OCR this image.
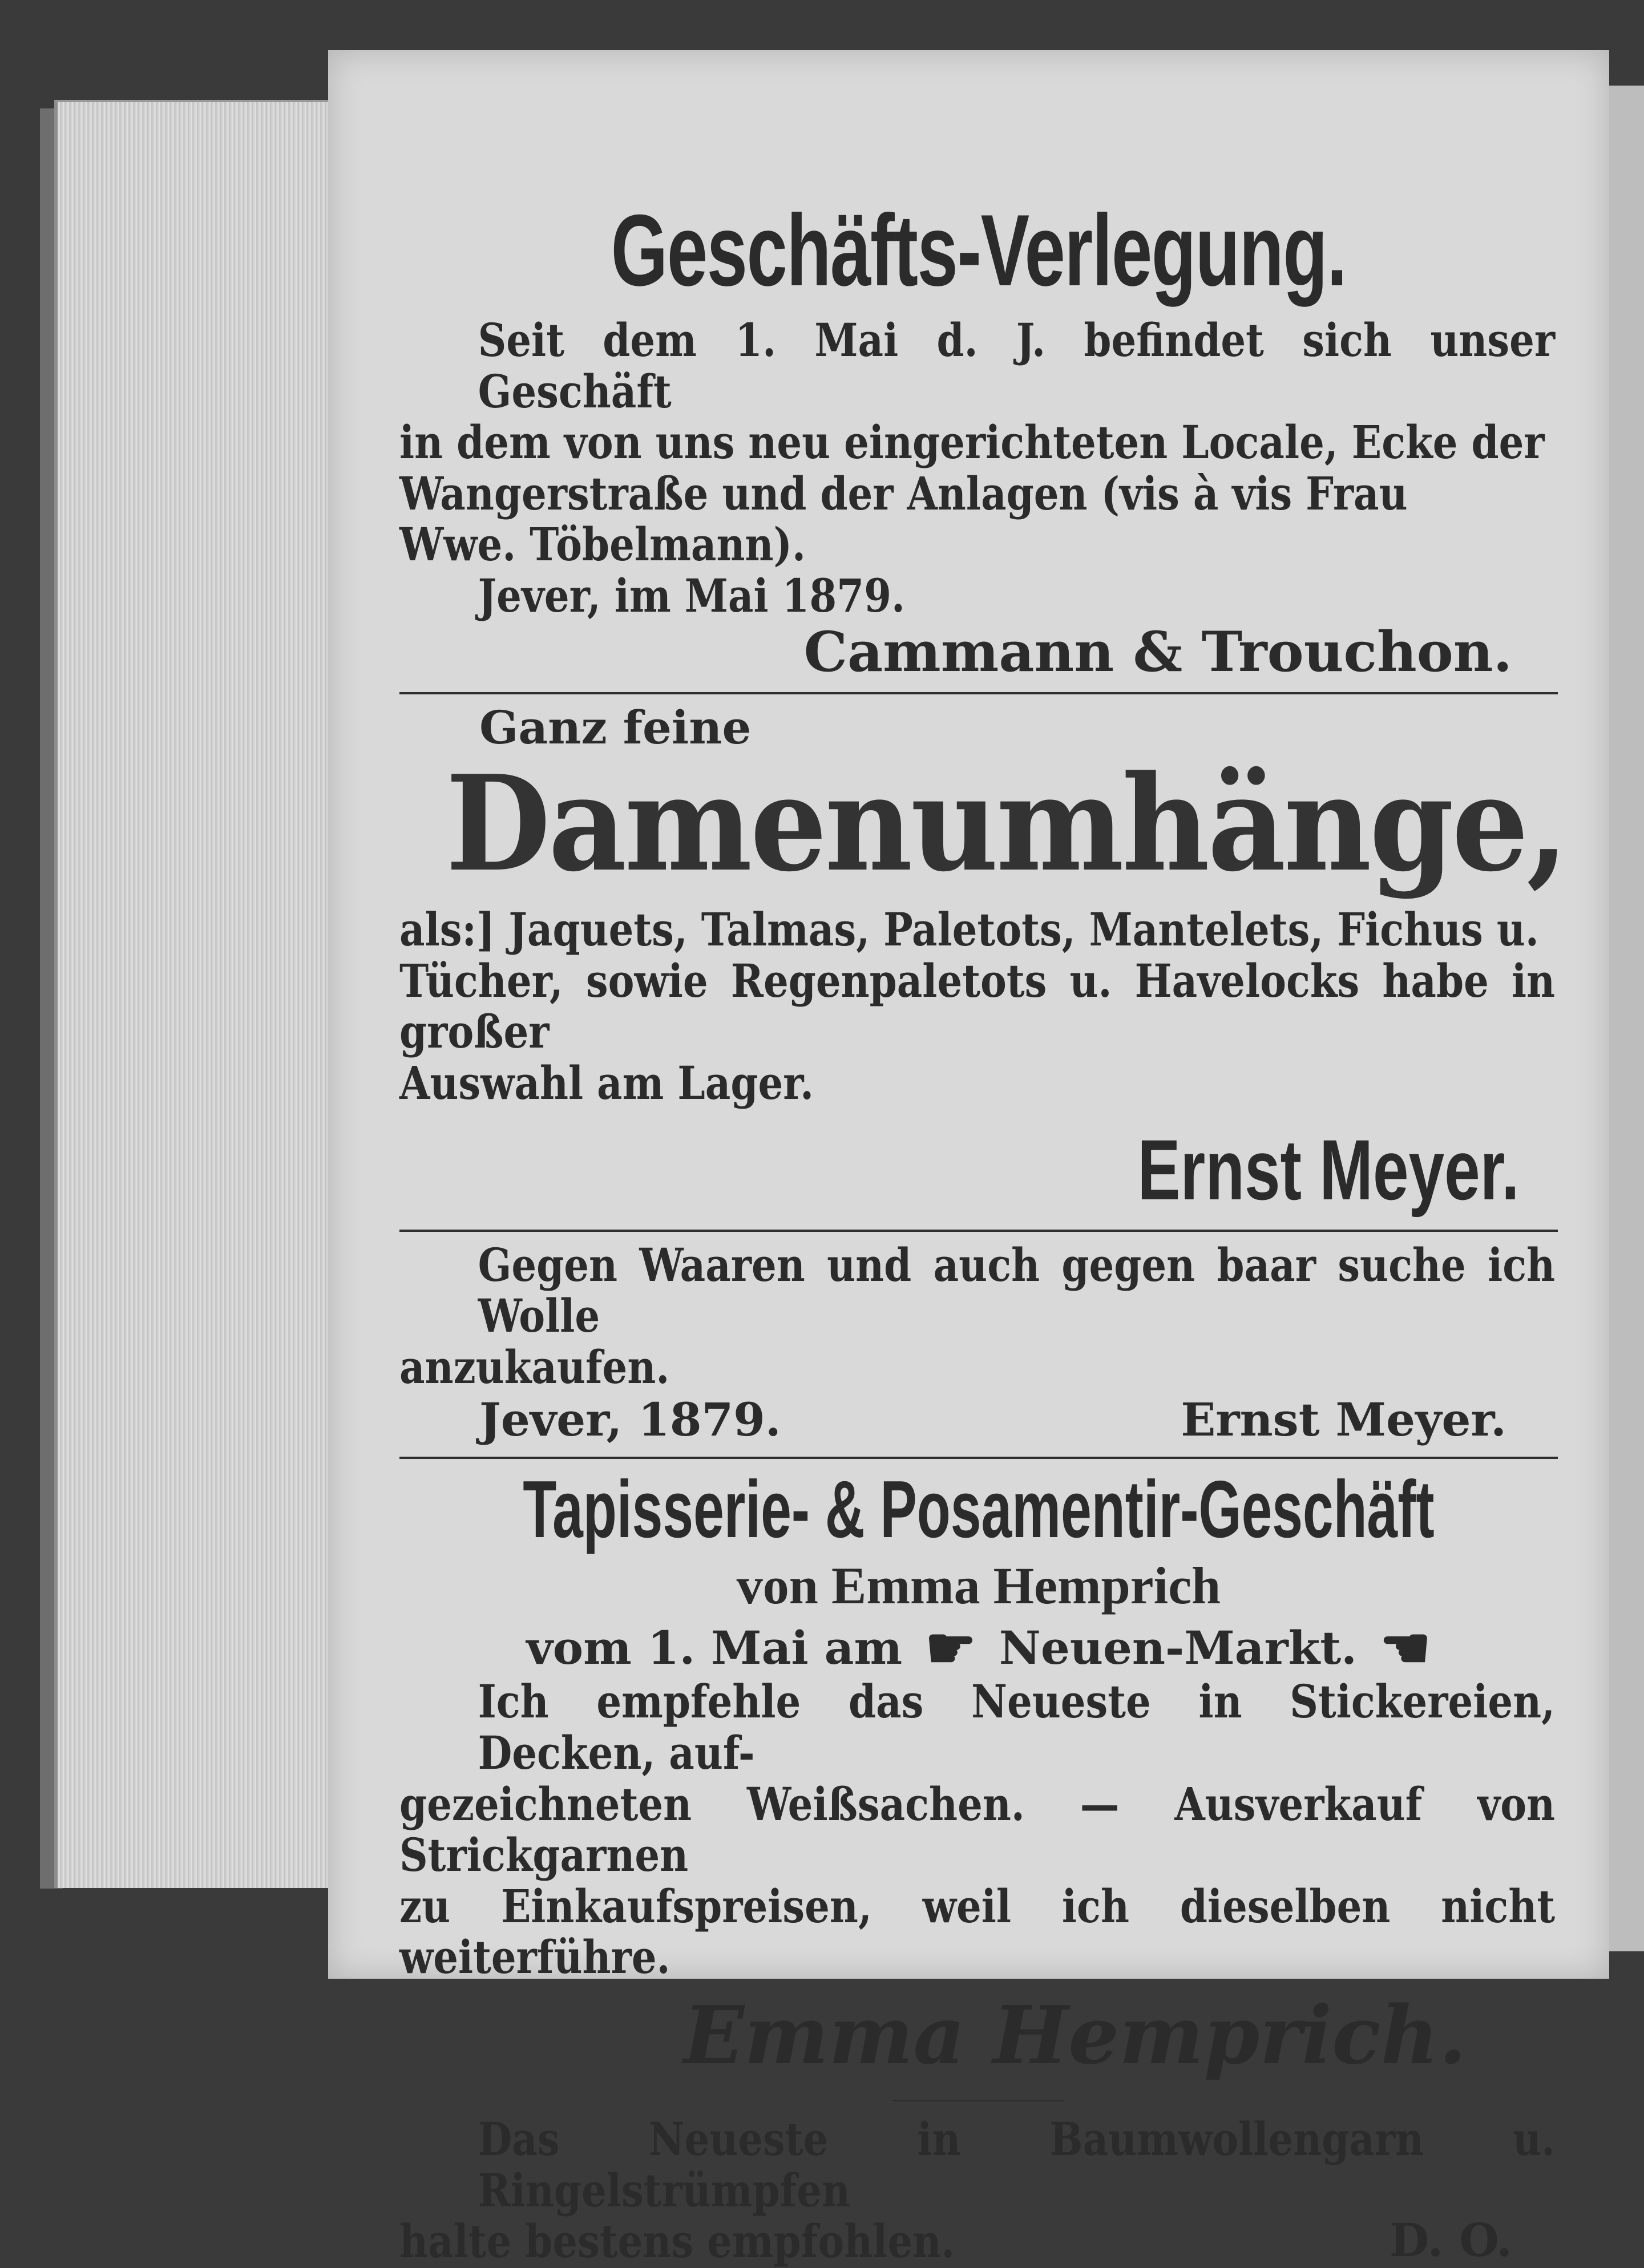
Geschäfts-Verlegung.
Seit dem 1. Mai d. J. befindet sich unser Geschäft
in dem von uns neu eingerichteten Locale, Ecke der
Wangerstraße und der Anlagen (vis à vis Frau
Wwe. Töbelmann).
Jever, im Mai 1879.
Cammann & Trouchon.
Ganz feine
Damenumhänge,
als:] Jaquets, Talmas, Paletots, Mantelets, Fichus u.
Tücher, sowie Regenpaletots u. Havelocks habe in großer
Auswahl am Lager.
Ernst Meyer.
Gegen Waaren und auch gegen baar suche ich Wolle
anzukaufen.
Jever, 1879.	Ernst Meyer.
Tapisserie- & Posamentir-Geschäft
von Emma Hemprich
vom 1. Mai am ☛ Neuen-Markt. ☚
Ich empfehle das Neueste in Stickereien, Decken, auf-
gezeichneten Weißsachen. — Ausverkauf von Strickgarnen
zu Einkaufspreisen, weil ich dieselben nicht weiterführe.
Emma Hemprich.
Das Neueste in Baumwollengarn u. Ringelstrümpfen
halte bestens empfohlen.	D. O.
